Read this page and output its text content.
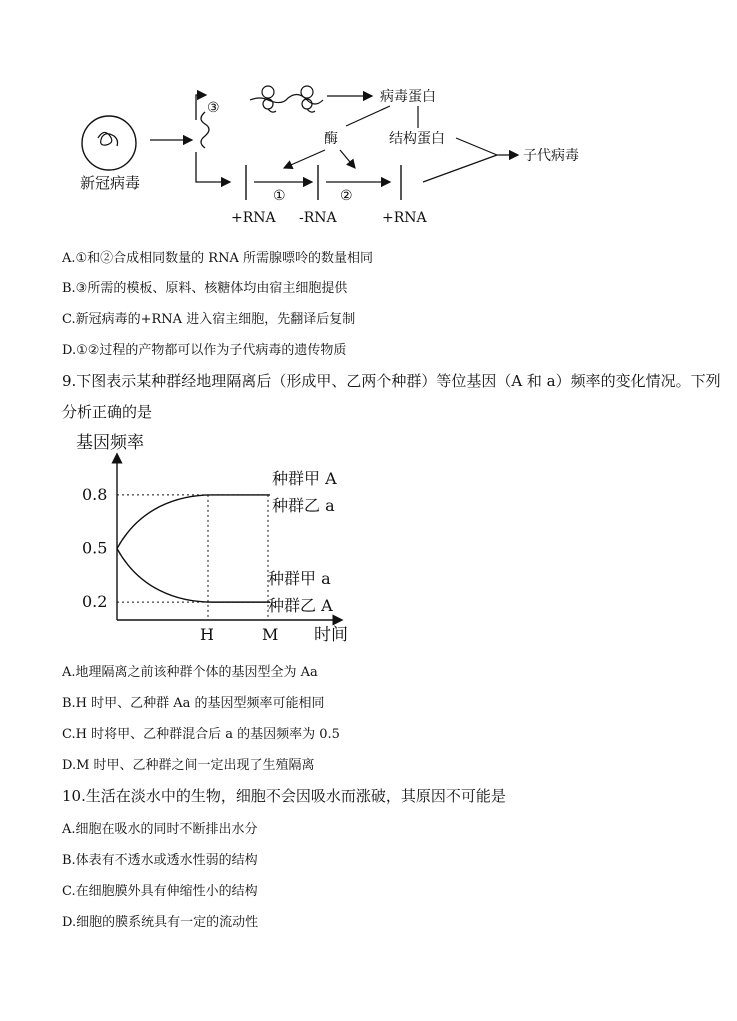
新冠病毒
③
病毒蛋白
酶	结构蛋白
子代病毒
①	②
+RNA -RNA	+RNA
A.①和②合成相同数量的 RNA 所需腺嘌呤的数量相同
B.③所需的模板、原料、核糖体均由宿主细胞提供
C.新冠病毒的+RNA 进入宿主细胞，先翻译后复制
D.①②过程的产物都可以作为子代病毒的遗传物质
9.下图表示某种群经地理隔离后（形成甲、乙两个种群）等位基因（A 和 a）频率的变化情况。下列
分析正确的是
基因频率
时间
0.8
0.5
0.2
H	M
种群甲 A
种群乙 a
种群甲 a
种群乙 A
A.地理隔离之前该种群个体的基因型全为 Aa
B.H 时甲、乙种群 Aa 的基因型频率可能相同
C.H 时将甲、乙种群混合后 a 的基因频率为 0.5
D.M 时甲、乙种群之间一定出现了生殖隔离
10.生活在淡水中的生物，细胞不会因吸水而涨破，其原因不可能是
A.细胞在吸水的同时不断排出水分
B.体表有不透水或透水性弱的结构
C.在细胞膜外具有伸缩性小的结构
D.细胞的膜系统具有一定的流动性
